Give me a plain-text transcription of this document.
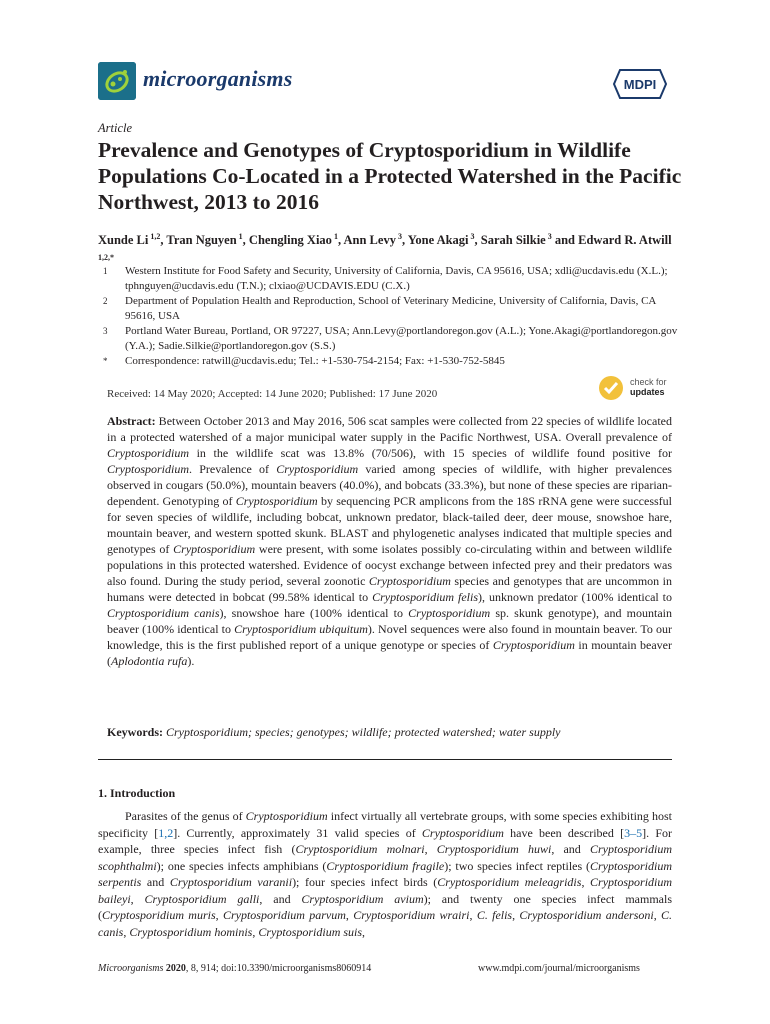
microorganisms	MDPI
Article
Prevalence and Genotypes of Cryptosporidium in Wildlife Populations Co-Located in a Protected Watershed in the Pacific Northwest, 2013 to 2016
Xunde Li $^{1,2}$, Tran Nguyen $^1$, Chengling Xiao $^1$, Ann Levy $^3$, Yone Akagi $^3$, Sarah Silkie $^3$ and Edward R. Atwill $^{1,2,*}$
1	Western Institute for Food Safety and Security, University of California, Davis, CA 95616, USA; xdli@ucdavis.edu (X.L.); tphnguyen@ucdavis.edu (T.N.); clxiao@UCDAVIS.EDU (C.X.)
2	Department of Population Health and Reproduction, School of Veterinary Medicine, University of California, Davis, CA 95616, USA
3	Portland Water Bureau, Portland, OR 97227, USA; Ann.Levy@portlandoregon.gov (A.L.); Yone.Akagi@portlandoregon.gov (Y.A.); Sadie.Silkie@portlandoregon.gov (S.S.)
*	Correspondence: ratwill@ucdavis.edu; Tel.: +1-530-754-2154; Fax: +1-530-752-5845
Received: 14 May 2020; Accepted: 14 June 2020; Published: 17 June 2020
check for
updates
Abstract: Between October 2013 and May 2016, 506 scat samples were collected from 22 species of wildlife located in a protected watershed of a major municipal water supply in the Pacific Northwest, USA. Overall prevalence of Cryptosporidium in the wildlife scat was 13.8% (70/506), with 15 species of wildlife found positive for Cryptosporidium. Prevalence of Cryptosporidium varied among species of wildlife, with higher prevalences observed in cougars (50.0%), mountain beavers (40.0%), and bobcats (33.3%), but none of these species are riparian-dependent. Genotyping of Cryptosporidium by sequencing PCR amplicons from the 18S rRNA gene were successful for seven species of wildlife, including bobcat, unknown predator, black-tailed deer, deer mouse, snowshoe hare, mountain beaver, and western spotted skunk. BLAST and phylogenetic analyses indicated that multiple species and genotypes of Cryptosporidium were present, with some isolates possibly co-circulating within and between wildlife populations in this protected watershed. Evidence of oocyst exchange between infected prey and their predators was also found. During the study period, several zoonotic Cryptosporidium species and genotypes that are uncommon in humans were detected in bobcat (99.58% identical to Cryptosporidium felis), unknown predator (100% identical to Cryptosporidium canis), snowshoe hare (100% identical to Cryptosporidium sp. skunk genotype), and mountain beaver (100% identical to Cryptosporidium ubiquitum). Novel sequences were also found in mountain beaver. To our knowledge, this is the first published report of a unique genotype or species of Cryptosporidium in mountain beaver (Aplodontia rufa).
Keywords: Cryptosporidium; species; genotypes; wildlife; protected watershed; water supply
1. Introduction
Parasites of the genus of Cryptosporidium infect virtually all vertebrate groups, with some species exhibiting host specificity [1,2]. Currently, approximately 31 valid species of Cryptosporidium have been described [3–5]. For example, three species infect fish (Cryptosporidium molnari, Cryptosporidium huwi, and Cryptosporidium scophthalmi); one species infects amphibians (Cryptosporidium fragile); two species infect reptiles (Cryptosporidium serpentis and Cryptosporidium varanii); four species infect birds (Cryptosporidium meleagridis, Cryptosporidium baileyi, Cryptosporidium galli, and Cryptosporidium avium); and twenty one species infect mammals (Cryptosporidium muris, Cryptosporidium parvum, Cryptosporidium wrairi, C. felis, Cryptosporidium andersoni, C. canis, Cryptosporidium hominis, Cryptosporidium suis,
Microorganisms 2020, 8, 914; doi:10.3390/microorganisms8060914	www.mdpi.com/journal/microorganisms
